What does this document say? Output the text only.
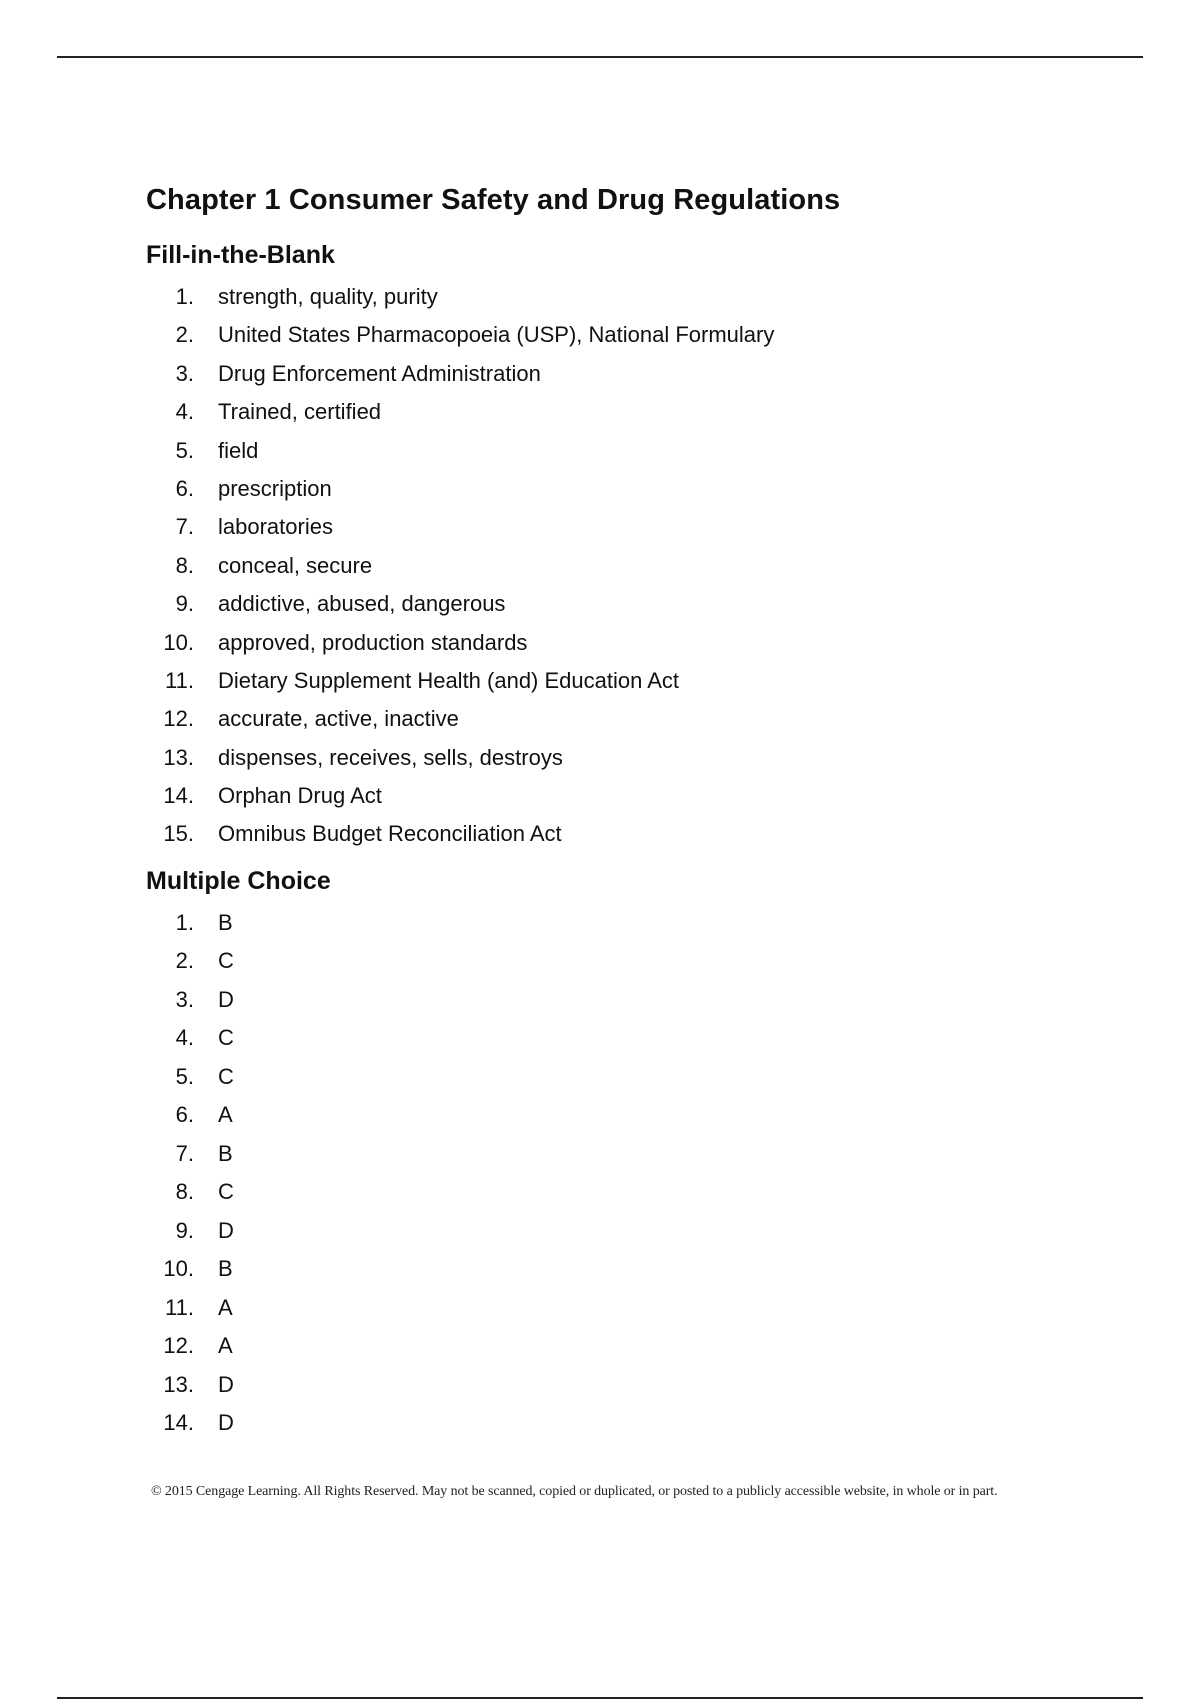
Chapter 1 Consumer Safety and Drug Regulations
Fill-in-the-Blank
1.	strength, quality, purity
2.	United States Pharmacopoeia (USP), National Formulary
3.	Drug Enforcement Administration
4.	Trained, certified
5.	field
6.	prescription
7.	laboratories
8.	conceal, secure
9.	addictive, abused, dangerous
10.	approved, production standards
11.	Dietary Supplement Health (and) Education Act
12.	accurate, active, inactive
13.	dispenses, receives, sells, destroys
14.	Orphan Drug Act
15.	Omnibus Budget Reconciliation Act
Multiple Choice
1.	B
2.	C
3.	D
4.	C
5.	C
6.	A
7.	B
8.	C
9.	D
10.	B
11.	A
12.	A
13.	D
14.	D
© 2015 Cengage Learning. All Rights Reserved. May not be scanned, copied or duplicated, or posted to a publicly accessible website, in whole or in part.
